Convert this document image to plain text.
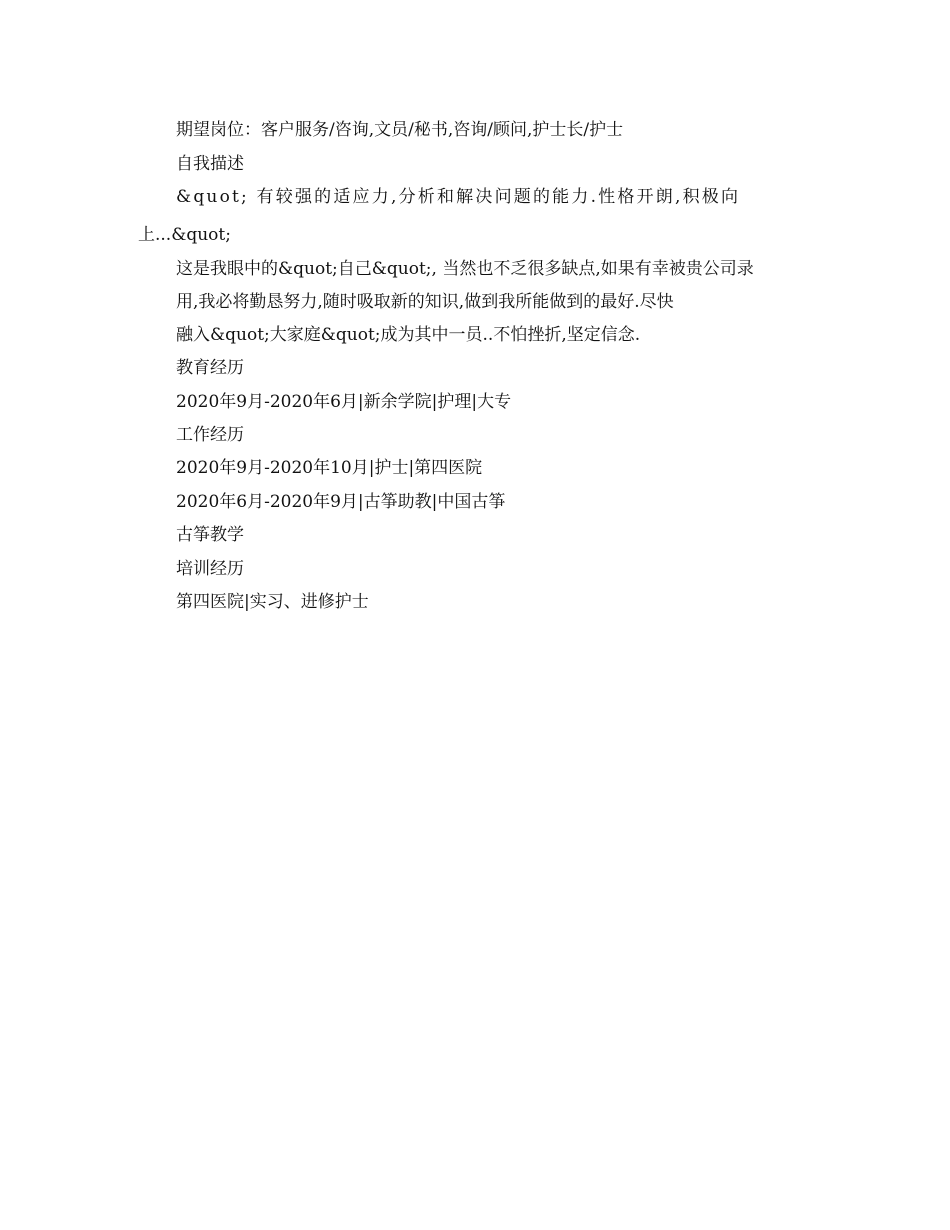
期望岗位：客户服务/咨询,文员/秘书,咨询/顾问,护士长/护士
自我描述
&quot; 有较强的适应力,分析和解决问题的能力.性格开朗,积极向
上...&quot;
这是我眼中的&quot;自己&quot;, 当然也不乏很多缺点,如果有幸被贵公司录
用,我必将勤恳努力,随时吸取新的知识,做到我所能做到的最好.尽快
融入&quot;大家庭&quot;成为其中一员..不怕挫折,坚定信念.
教育经历
2020年9月-2020年6月|新余学院|护理|大专
工作经历
2020年9月-2020年10月|护士|第四医院
2020年6月-2020年9月|古筝助教|中国古筝
古筝教学
培训经历
第四医院|实习、进修护士
